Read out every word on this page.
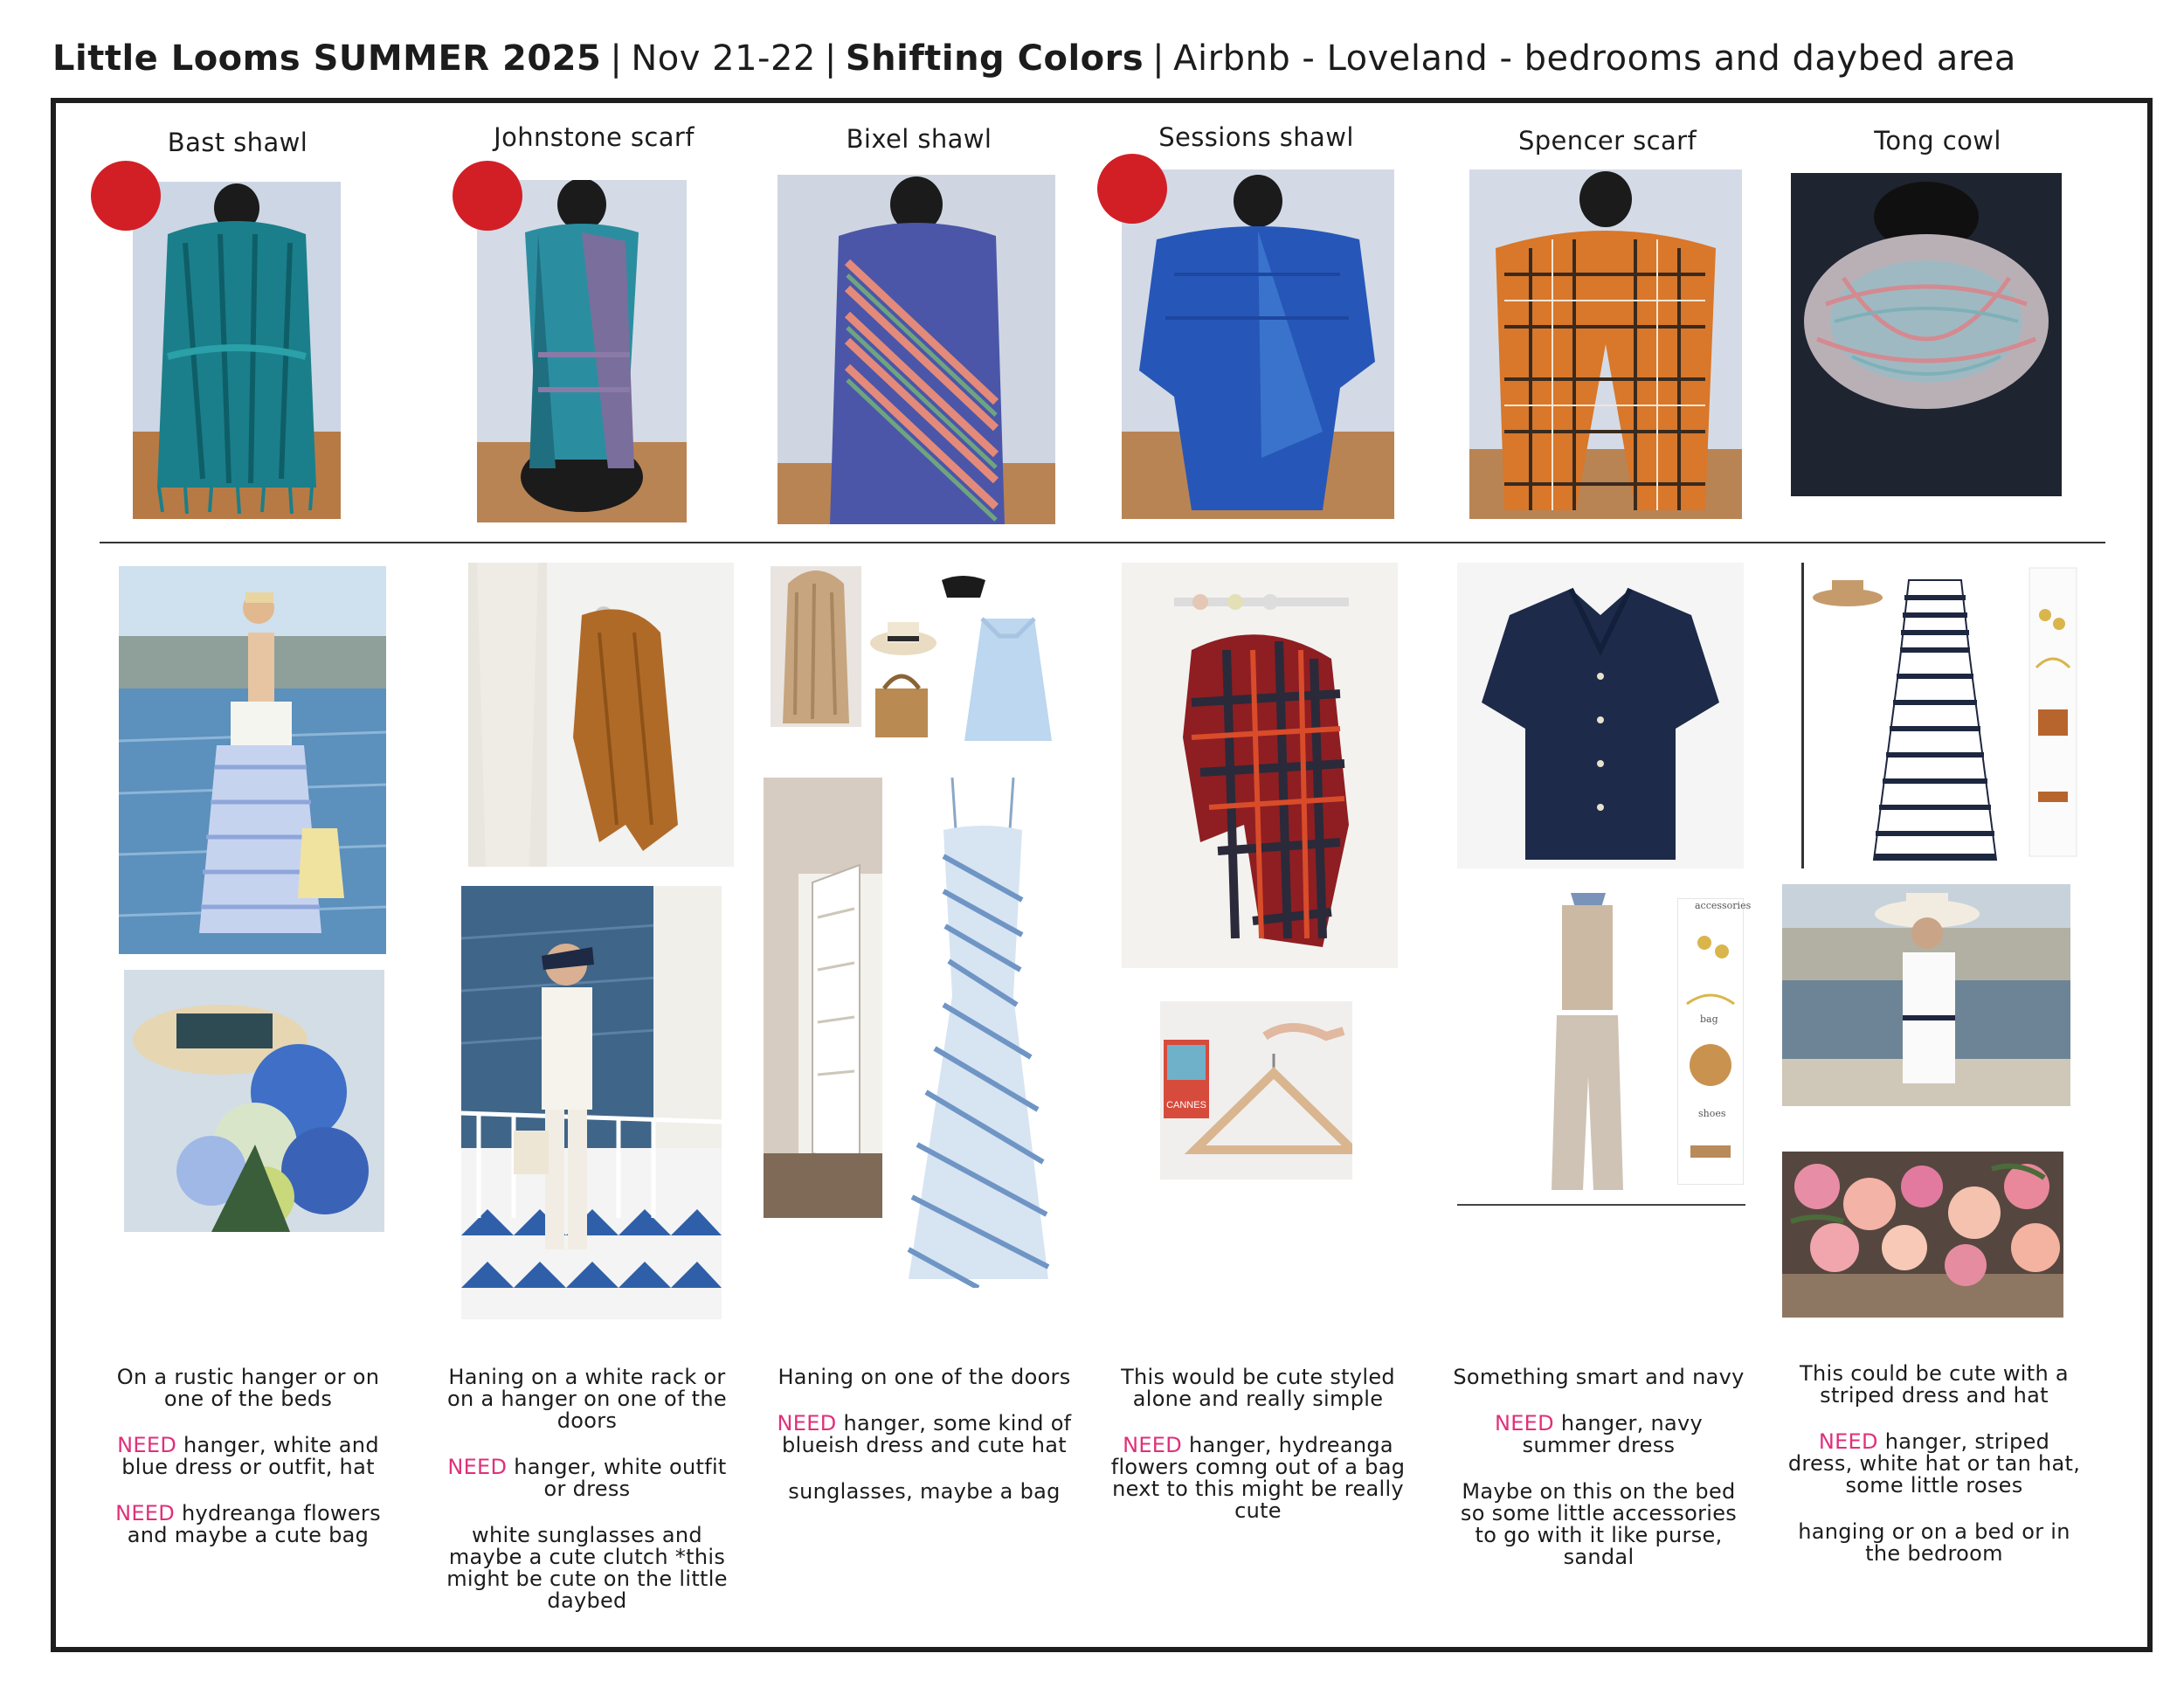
Little Looms SUMMER 2025 | Nov 21-22 | Shifting Colors | Airbnb - Loveland - bedrooms and daybed area
Bast shawl	Johnstone scarf	Bixel shawl	Sessions shawl	Spencer scarf	Tong cowl
CANNES
accessories
bag
shoes

On a rustic hanger or on one of the beds

NEED hanger, white and blue dress or outfit, hat

NEED hydreanga flowers and maybe a cute bag

Haning on a white rack or on a hanger on one of the doors

NEED hanger, white outfit or dress

white sunglasses and maybe a cute clutch *this might be cute on the little daybed

Haning on one of the doors

NEED hanger, some kind of blueish dress and cute hat

sunglasses, maybe a bag

This would be cute styled alone and really simple

NEED hanger, hydreanga flowers comng out of a bag next to this might be really cute

Something smart and navy

NEED hanger, navy summer dress

Maybe on this on the bed so some little accessories to go with it like purse, sandal

This could be cute with a striped dress and hat

NEED hanger, striped dress, white hat or tan hat, some little roses

hanging or on a bed or in the bedroom
